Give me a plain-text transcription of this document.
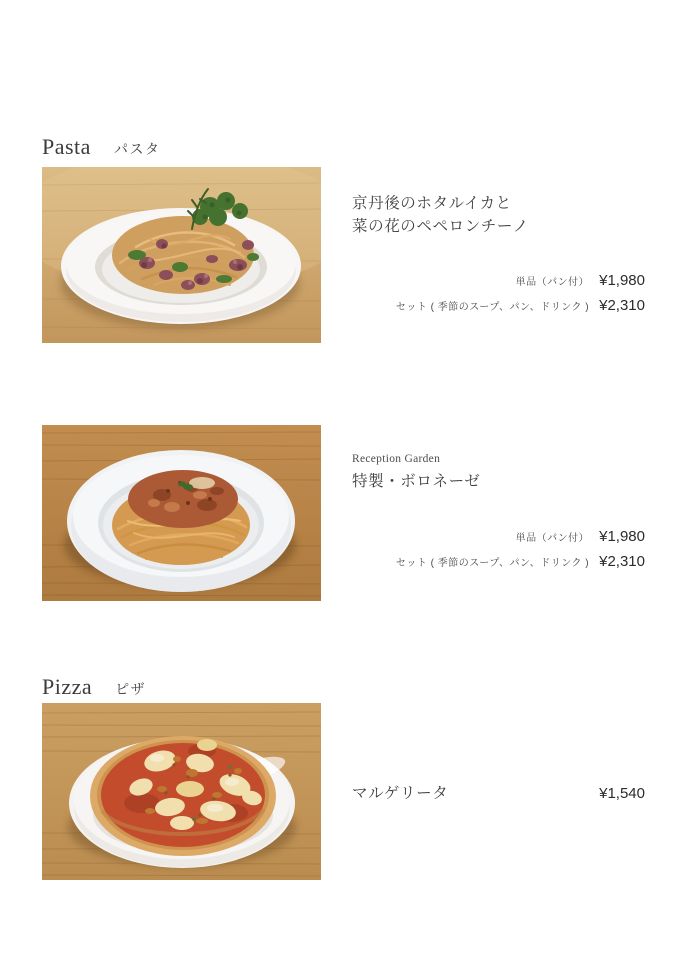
Pasta パスタ
京丹後のホタルイカと
菜の花のペペロンチーノ
単品（パン付） ¥1,980
セット ( 季節のスープ、パン、ドリンク ) ¥2,310
Reception Garden
特製・ボロネーゼ
単品（パン付） ¥1,980
セット ( 季節のスープ、パン、ドリンク ) ¥2,310
Pizza ピザ
マルゲリータ	¥1,540
